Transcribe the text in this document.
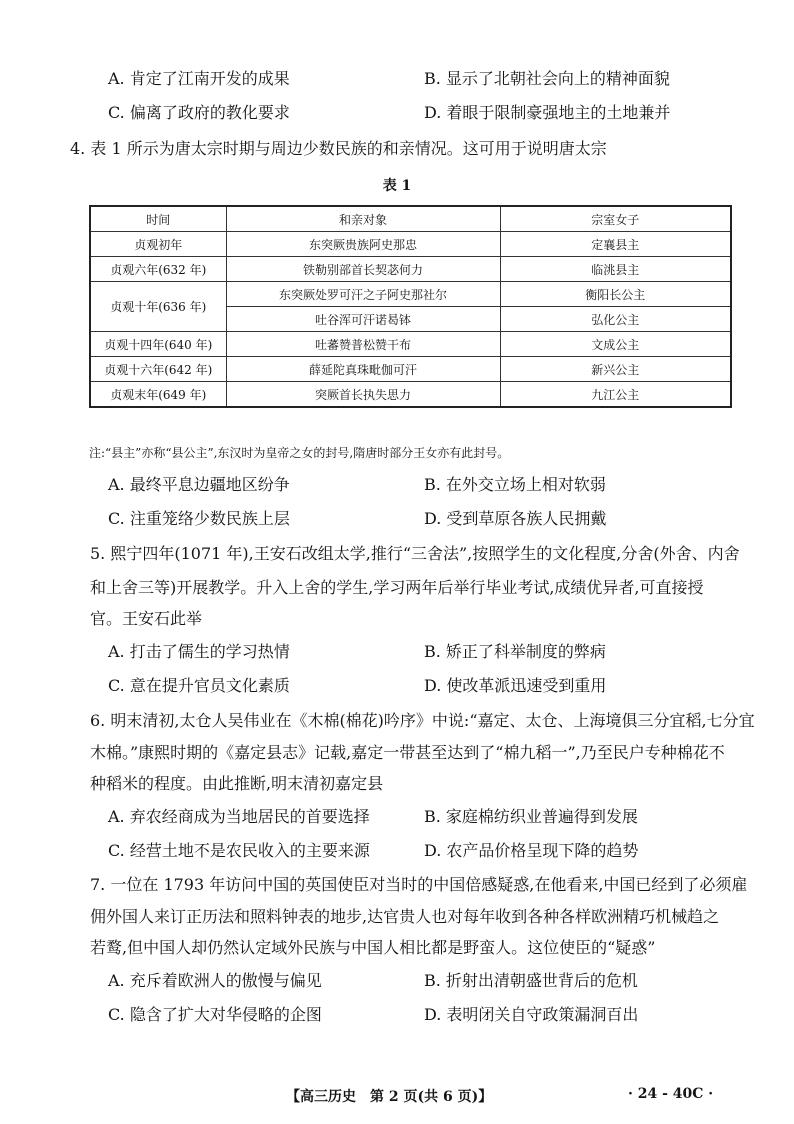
A. 肯定了江南开发的成果	B. 显示了北朝社会向上的精神面貌
C. 偏离了政府的教化要求	D. 着眼于限制豪强地主的土地兼并
4. 表 1 所示为唐太宗时期与周边少数民族的和亲情况。这可用于说明唐太宗
表 1
时间	和亲对象	宗室女子
贞观初年	东突厥贵族阿史那忠	定襄县主
贞观六年(632 年)	铁勒别部首长契苾何力	临洮县主
贞观十年(636 年)	东突厥处罗可汗之子阿史那社尔	衡阳长公主
	吐谷浑可汗诺曷钵	弘化公主
贞观十四年(640 年)	吐蕃赞普松赞干布	文成公主
贞观十六年(642 年)	薛延陀真珠毗伽可汗	新兴公主
贞观末年(649 年)	突厥首长执失思力	九江公主
注:“县主”亦称“县公主”,东汉时为皇帝之女的封号,隋唐时部分王女亦有此封号。
A. 最终平息边疆地区纷争	B. 在外交立场上相对软弱
C. 注重笼络少数民族上层	D. 受到草原各族人民拥戴
5. 熙宁四年(1071 年),王安石改组太学,推行“三舍法”,按照学生的文化程度,分舍(外舍、内舍
和上舍三等)开展教学。升入上舍的学生,学习两年后举行毕业考试,成绩优异者,可直接授
官。王安石此举
A. 打击了儒生的学习热情	B. 矫正了科举制度的弊病
C. 意在提升官员文化素质	D. 使改革派迅速受到重用
6. 明末清初,太仓人吴伟业在《木棉(棉花)吟序》中说:“嘉定、太仓、上海境俱三分宜稻,七分宜
木棉。”康熙时期的《嘉定县志》记载,嘉定一带甚至达到了“棉九稻一”,乃至民户专种棉花不
种稻米的程度。由此推断,明末清初嘉定县
A. 弃农经商成为当地居民的首要选择	B. 家庭棉纺织业普遍得到发展
C. 经营土地不是农民收入的主要来源	D. 农产品价格呈现下降的趋势
7. 一位在 1793 年访问中国的英国使臣对当时的中国倍感疑惑,在他看来,中国已经到了必须雇
佣外国人来订正历法和照料钟表的地步,达官贵人也对每年收到各种各样欧洲精巧机械趋之
若鹜,但中国人却仍然认定域外民族与中国人相比都是野蛮人。这位使臣的“疑惑”
A. 充斥着欧洲人的傲慢与偏见	B. 折射出清朝盛世背后的危机
C. 隐含了扩大对华侵略的企图	D. 表明闭关自守政策漏洞百出
【高三历史　第 2 页(共 6 页)】	· 24 - 40C ·
